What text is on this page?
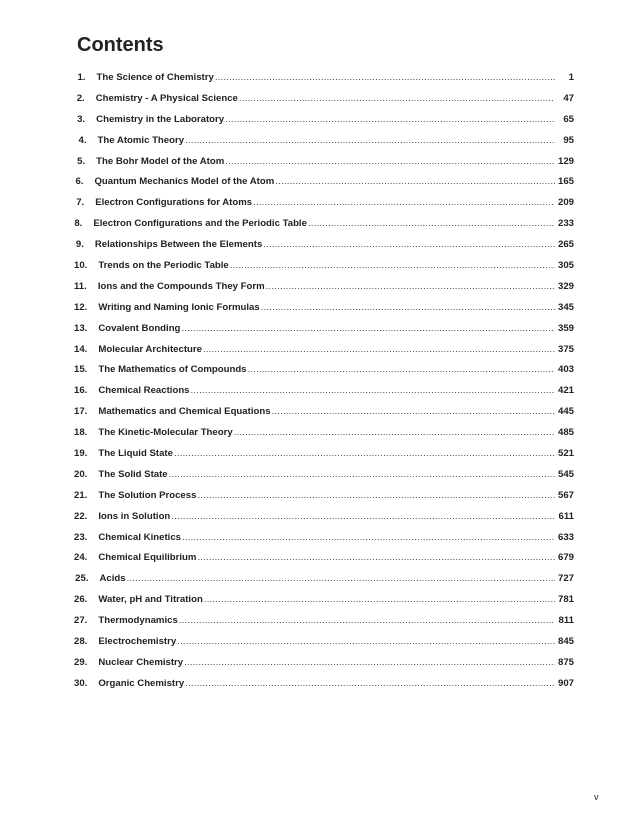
Contents
1. The Science of Chemistry .....	1
2. Chemistry - A Physical Science .....	47
3. Chemistry in the Laboratory .....	65
4. The Atomic Theory .....	95
5. The Bohr Model of the Atom .....	129
6. Quantum Mechanics Model of the Atom .....	165
7. Electron Configurations for Atoms .....	209
8. Electron Configurations and the Periodic Table .....	233
9. Relationships Between the Elements .....	265
10. Trends on the Periodic Table .....	305
11. Ions and the Compounds They Form .....	329
12. Writing and Naming Ionic Formulas .....	345
13. Covalent Bonding .....	359
14. Molecular Architecture .....	375
15. The Mathematics of Compounds .....	403
16. Chemical Reactions .....	421
17. Mathematics and Chemical Equations .....	445
18. The Kinetic-Molecular Theory .....	485
19. The Liquid State .....	521
20. The Solid State .....	545
21. The Solution Process .....	567
22. Ions in Solution .....	611
23. Chemical Kinetics .....	633
24. Chemical Equilibrium .....	679
25. Acids .....	727
26. Water, pH and Titration .....	781
27. Thermodynamics .....	811
28. Electrochemistry .....	845
29. Nuclear Chemistry .....	875
30. Organic Chemistry .....	907

v
